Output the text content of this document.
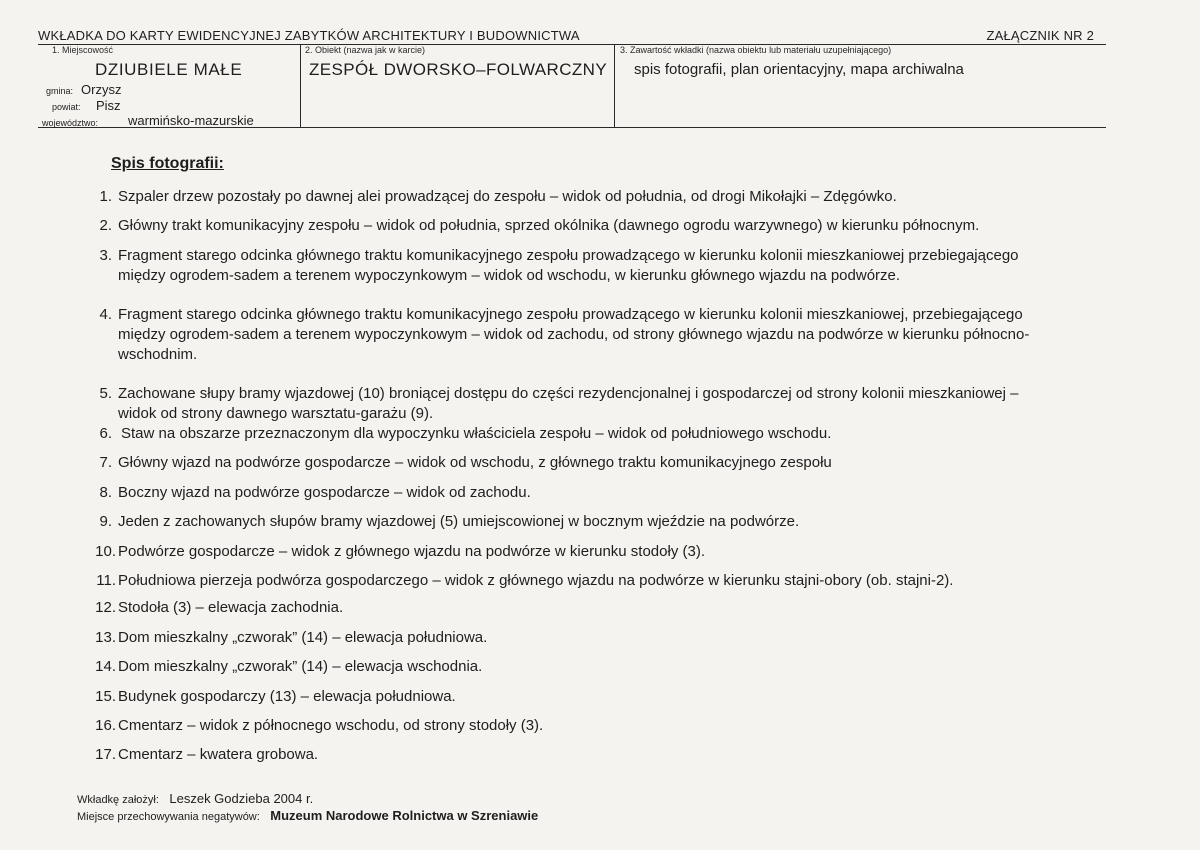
WKŁADKA DO KARTY EWIDENCYJNEJ ZABYTKÓW ARCHITEKTURY I BUDOWNICTWA	ZAŁĄCZNIK NR 2
1. Miejscowość
DZIUBIELE MAŁE
gmina: Orzysz
powiat: Pisz
województwo: warmińsko-mazurskie
2. Obiekt (nazwa jak w karcie)
ZESPÓŁ DWORSKO–FOLWARCZNY
3. Zawartość wkładki (nazwa obiektu lub materiału uzupełniającego)
spis fotografii, plan orientacyjny, mapa archiwalna
Spis fotografii:
1. Szpaler drzew pozostały po dawnej alei prowadzącej do zespołu – widok od południa, od drogi Mikołajki – Zdęgówko.
2. Główny trakt komunikacyjny zespołu – widok od południa, sprzed okólnika (dawnego ogrodu warzywnego) w kierunku północnym.
3. Fragment starego odcinka głównego traktu komunikacyjnego zespołu prowadzącego w kierunku kolonii mieszkaniowej przebiegającego
między ogrodem-sadem a terenem wypoczynkowym – widok od wschodu, w kierunku głównego wjazdu na podwórze.
4. Fragment starego odcinka głównego traktu komunikacyjnego zespołu prowadzącego w kierunku kolonii mieszkaniowej, przebiegającego
między ogrodem-sadem a terenem wypoczynkowym – widok od zachodu, od strony głównego wjazdu na podwórze w kierunku północno-
wschodnim.
5. Zachowane słupy bramy wjazdowej (10) broniącej dostępu do części rezydencjonalnej i gospodarczej od strony kolonii mieszkaniowej –
widok od strony dawnego warsztatu-garażu (9).
6. Staw na obszarze przeznaczonym dla wypoczynku właściciela zespołu – widok od południowego wschodu.
7. Główny wjazd na podwórze gospodarcze – widok od wschodu, z głównego traktu komunikacyjnego zespołu
8. Boczny wjazd na podwórze gospodarcze – widok od zachodu.
9. Jeden z zachowanych słupów bramy wjazdowej (5) umiejscowionej w bocznym wjeździe na podwórze.
10. Podwórze gospodarcze – widok z głównego wjazdu na podwórze w kierunku stodoły (3).
11. Południowa pierzeja podwórza gospodarczego – widok z głównego wjazdu na podwórze w kierunku stajni-obory (ob. stajni-2).
12. Stodoła (3) – elewacja zachodnia.
13. Dom mieszkalny „czworak” (14) – elewacja południowa.
14. Dom mieszkalny „czworak” (14) – elewacja wschodnia.
15. Budynek gospodarczy (13) – elewacja południowa.
16. Cmentarz – widok z północnego wschodu, od strony stodoły (3).
17. Cmentarz – kwatera grobowa.
Wkładkę założył: Leszek Godzieba 2004 r.
Miejsce przechowywania negatywów: Muzeum Narodowe Rolnictwa w Szreniawie
